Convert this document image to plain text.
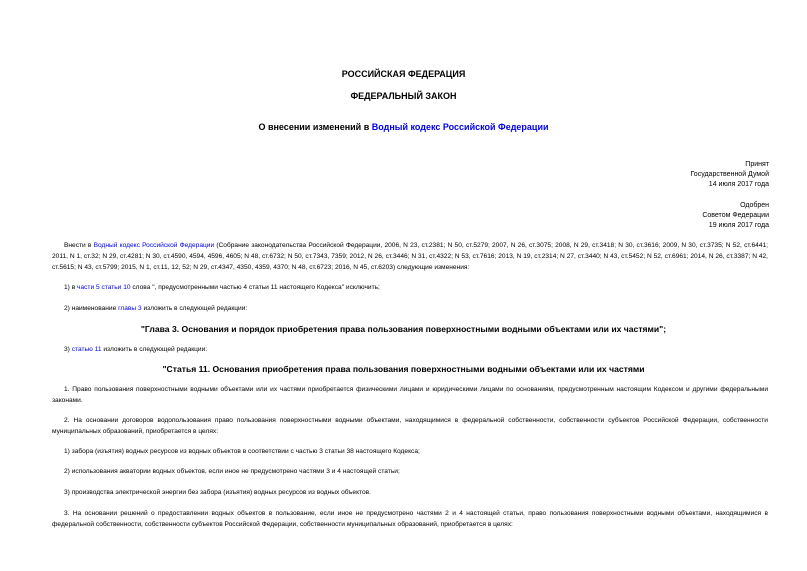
РОССИЙСКАЯ ФЕДЕРАЦИЯ
ФЕДЕРАЛЬНЫЙ ЗАКОН
О внесении изменений в Водный кодекс Российской Федерации
Принят
Государственной Думой
14 июля 2017 года
Одобрен
Советом Федерации
19 июля 2017 года
Внести в Водный кодекс Российской Федерации (Собрание законодательства Российской Федерации, 2006, N 23, ст.2381; N 50, ст.5279; 2007, N 26, ст.3075; 2008, N 29, ст.3418; N 30, ст.3616; 2009, N 30, ст.3735; N 52, ст.6441; 2011, N 1, ст.32; N 29, ст.4281; N 30, ст.4590, 4594, 4596, 4605; N 48, ст.6732; N 50, ст.7343, 7359; 2012, N 26, ст.3446; N 31, ст.4322; N 53, ст.7616; 2013, N 19, ст.2314; N 27, ст.3440; N 43, ст.5452; N 52, ст.6961; 2014, N 26, ст.3387; N 42, ст.5615; N 43, ст.5799; 2015, N 1, ст.11, 12, 52; N 29, ст.4347, 4350, 4359, 4370; N 48, ст.6723; 2016, N 45, ст.6203) следующие изменения:
1) в части 5 статьи 10 слова ", предусмотренными частью 4 статьи 11 настоящего Кодекса" исключить;
2) наименование главы 3 изложить в следующей редакции:
"Глава 3. Основания и порядок приобретения права пользования поверхностными водными объектами или их частями";
3) статью 11 изложить в следующей редакции:
"Статья 11. Основания приобретения права пользования поверхностными водными объектами или их частями
1. Право пользования поверхностными водными объектами или их частями приобретается физическими лицами и юридическими лицами по основаниям, предусмотренным настоящим Кодексом и другими федеральными законами.
2. На основании договоров водопользования право пользования поверхностными водными объектами, находящимися в федеральной собственности, собственности субъектов Российской Федерации, собственности муниципальных образований, приобретается в целях:
1) забора (изъятия) водных ресурсов из водных объектов в соответствии с частью 3 статьи 38 настоящего Кодекса;
2) использования акватории водных объектов, если иное не предусмотрено частями 3 и 4 настоящей статьи;
3) производства электрической энергии без забора (изъятия) водных ресурсов из водных объектов.
3. На основании решений о предоставлении водных объектов в пользование, если иное не предусмотрено частями 2 и 4 настоящей статьи, право пользования поверхностными водными объектами, находящимися в федеральной собственности, собственности субъектов Российской Федерации, собственности муниципальных образований, приобретается в целях:
